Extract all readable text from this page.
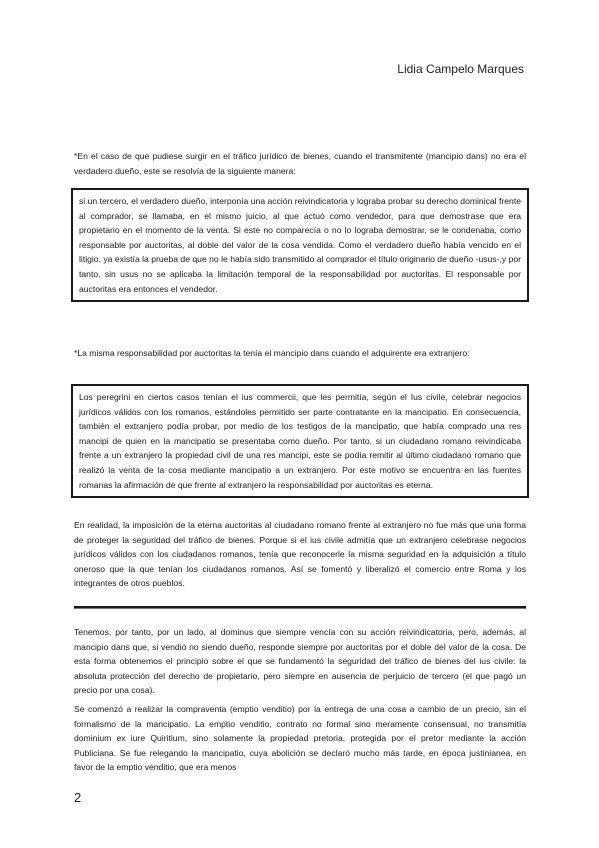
Lidia Campelo Marques

*En el caso de que pudiese surgir en el tráfico jurídico de bienes, cuando el transmitente (mancipio dans) no era el verdadero dueño, este se resolvía de la siguiente manera:

si un tercero, el verdadero dueño, interponía una acción reivindicatoria y lograba probar su derecho dominical frente al comprador, se llamaba, en el mismo juicio, al que actuó como vendedor, para que demostrase que era propietario en el momento de la venta. Si este no comparecía o no lo lograba demostrar, se le condenaba, como responsable por auctoritas, al doble del valor de la cosa vendida. Como el verdadero dueño había vencido en el litigio, ya existía la prueba de que no le había sido transmitido al comprador el título originario de dueño -usus-,y por tanto, sin usus no se aplicaba la limitación temporal de la responsabilidad por auctoritas. El responsable por auctoritas era entonces el vendedor.

*La misma responsabilidad por auctoritas la tenía el mancipio dans cuando el adquirente era extranjero:

Los peregrini en ciertos casos tenían el ius commercii, que les permitía, según el Ius civile, celebrar negocios jurídicos válidos con los romanos, estándoles permitido ser parte contratante en la mancipatio. En consecuencia, también el extranjero podía probar, por medio de los testigos de la mancipatio, que había comprado una res mancipi de quien en la mancipatio se presentaba como dueño. Por tanto, si un ciudadano romano reivindicaba frente a un extranjero la propiedad civil de una res mancipi, este se podía remitir al último ciudadano romano que realizó la venta de la cosa mediante mancipatio a un extranjero. Por este motivo se encuentra en las fuentes romanas la afirmación de que frente al extranjero la responsabilidad por auctoritas es eterna.

En realidad, la imposición de la eterna auctoritas al ciudadano romano frente al extranjero no fue más que una forma de proteger la seguridad del tráfico de bienes. Porque si el ius civile admitía que un extranjero celebrase negocios jurídicos válidos con los ciudadanos romanos, tenía que reconocerle la misma seguridad en la adquisición a título oneroso que la que tenían los ciudadanos romanos. Así se fomentó y liberalizó el comercio entre Roma y los integrantes de otros pueblos.

Tenemos, por tanto, por un lado, al dominus que siempre vencía con su acción reivindicatoria, pero, además, al mancipio dans que, si vendió no siendo dueño, responde siempre por auctoritas por el doble del valor de la cosa. De esta forma obtenemos el principio sobre el que se fundamentó la seguridad del tráfico de bienes del ius civile: la absoluta protección del derecho de propietario, pero siempre en ausencia de perjuicio de tercero (el que pagó un precio por una cosa).

Se comenzó a realizar la compraventa (emptio venditio) por la entrega de una cosa a cambio de un precio, sin el formalismo de la mancipatio. La emptio venditio, contrato no formal sino meramente consensual, no transmitía dominium ex iure Quiritium, sino solamente la propiedad pretoria, protegida por el pretor mediante la acción Publiciana. Se fue relegando la mancipatio, cuya abolición se declaró mucho más tarde, en época justinianea, en favor de la emptio venditio, que era menos

2
